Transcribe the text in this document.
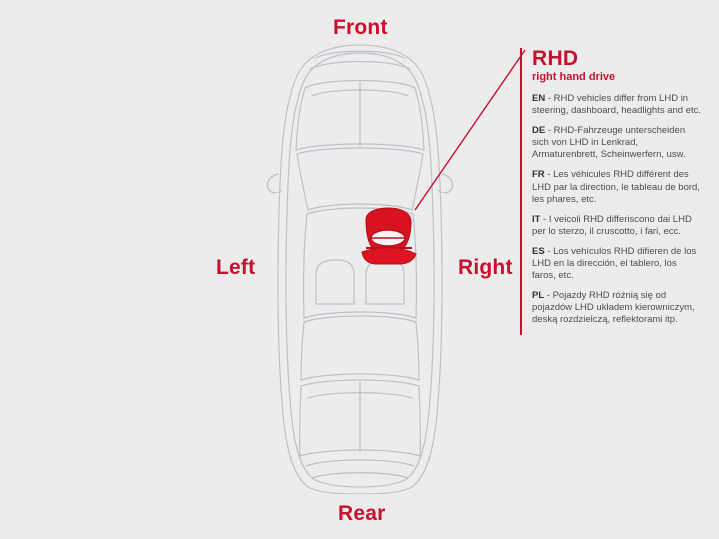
Front
Rear
Left	Right
RHD
right hand drive
EN - RHD vehicles differ from LHD in steering, dashboard, headlights and etc.
DE - RHD-Fahrzeuge unterscheiden sich von LHD in Lenkrad, Armaturenbrett, Scheinwerfern, usw.
FR - Les véhicules RHD différent des LHD par la direction, le tableau de bord, les phares, etc.
IT - I veicoli RHD differiscono dai LHD per lo sterzo, il cruscotto, i fari, ecc.
ES - Los vehículos RHD difieren de los LHD en la dirección, el tablero, los faros, etc.
PL - Pojazdy RHD różnią się od pojazdów LHD układem kierowniczym, deską rozdzielczą, reflektorami itp.
